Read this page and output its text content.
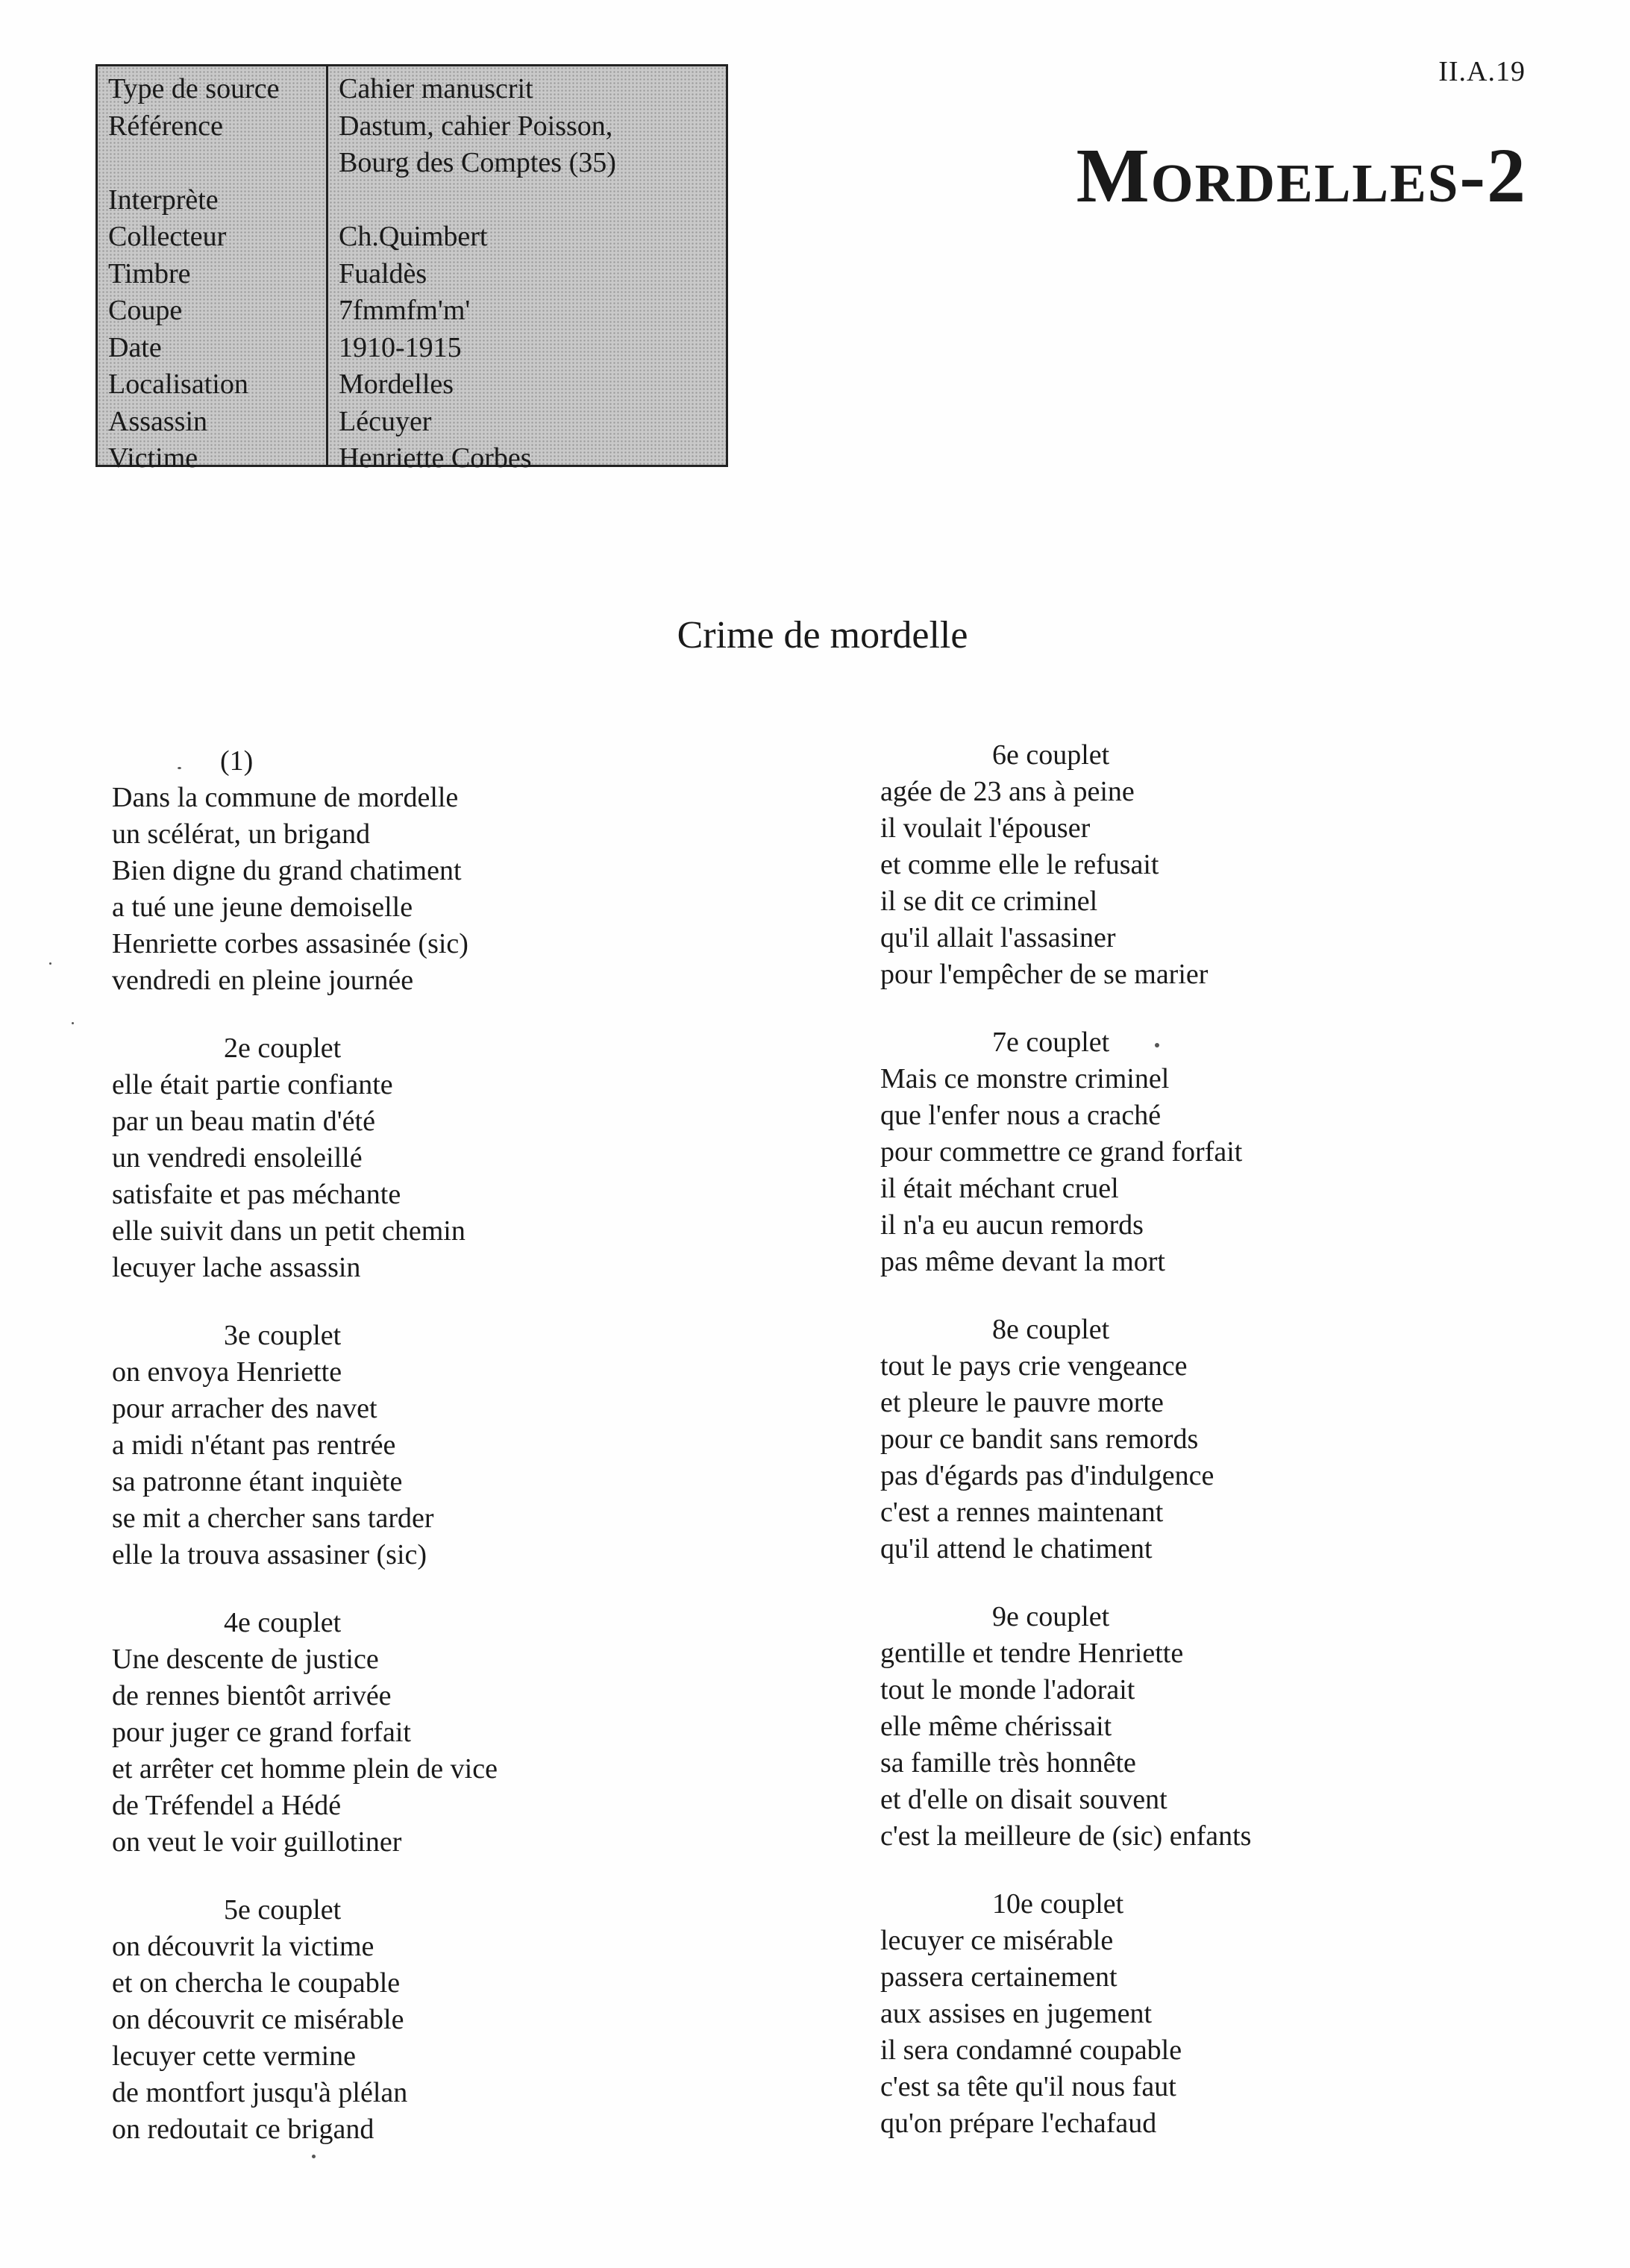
Type de source
Référence
Interprète
Collecteur
Timbre
Coupe
Date
Localisation
Assassin
Victime
Cahier manuscrit
Dastum, cahier Poisson,
Bourg des Comptes (35)
Ch.Quimbert
Fualdès
7fmmfm'm'
1910-1915
Mordelles
Lécuyer
Henriette Corbes
II.A.19
Mordelles-2
Crime de mordelle
(1)
Dans la commune de mordelle
un scélérat, un brigand
Bien digne du grand chatiment
a tué une jeune demoiselle
Henriette corbes assasinée (sic)
vendredi en pleine journée
2e couplet
elle était partie confiante
par un beau matin d'été
un vendredi ensoleillé
satisfaite et pas méchante
elle suivit dans un petit chemin
lecuyer lache assassin
3e couplet
on envoya Henriette
pour arracher des navet
a midi n'étant pas rentrée
sa patronne étant inquiète
se mit a chercher sans tarder
elle la trouva assasiner (sic)
4e couplet
Une descente de justice
de rennes bientôt arrivée
pour juger ce grand forfait
et arrêter cet homme plein de vice
de Tréfendel a Hédé
on veut le voir guillotiner
5e couplet
on découvrit la victime
et on chercha le coupable
on découvrit ce misérable
lecuyer cette vermine
de montfort jusqu'à plélan
on redoutait ce brigand
6e couplet
agée de 23 ans à peine
il voulait l'épouser
et comme elle le refusait
il se dit ce criminel
qu'il allait l'assasiner
pour l'empêcher de se marier
7e couplet
Mais ce monstre criminel
que l'enfer nous a craché
pour commettre ce grand forfait
il était méchant cruel
il n'a eu aucun remords
pas même devant la mort
8e couplet
tout le pays crie vengeance
et pleure le pauvre morte
pour ce bandit sans remords
pas d'égards pas d'indulgence
c'est a rennes maintenant
qu'il attend le chatiment
9e couplet
gentille et tendre Henriette
tout le monde l'adorait
elle même chérissait
sa famille très honnête
et d'elle on disait souvent
c'est la meilleure de (sic) enfants
10e couplet
lecuyer ce misérable
passera certainement
aux assises en jugement
il sera condamné coupable
c'est sa tête qu'il nous faut
qu'on prépare l'echafaud
